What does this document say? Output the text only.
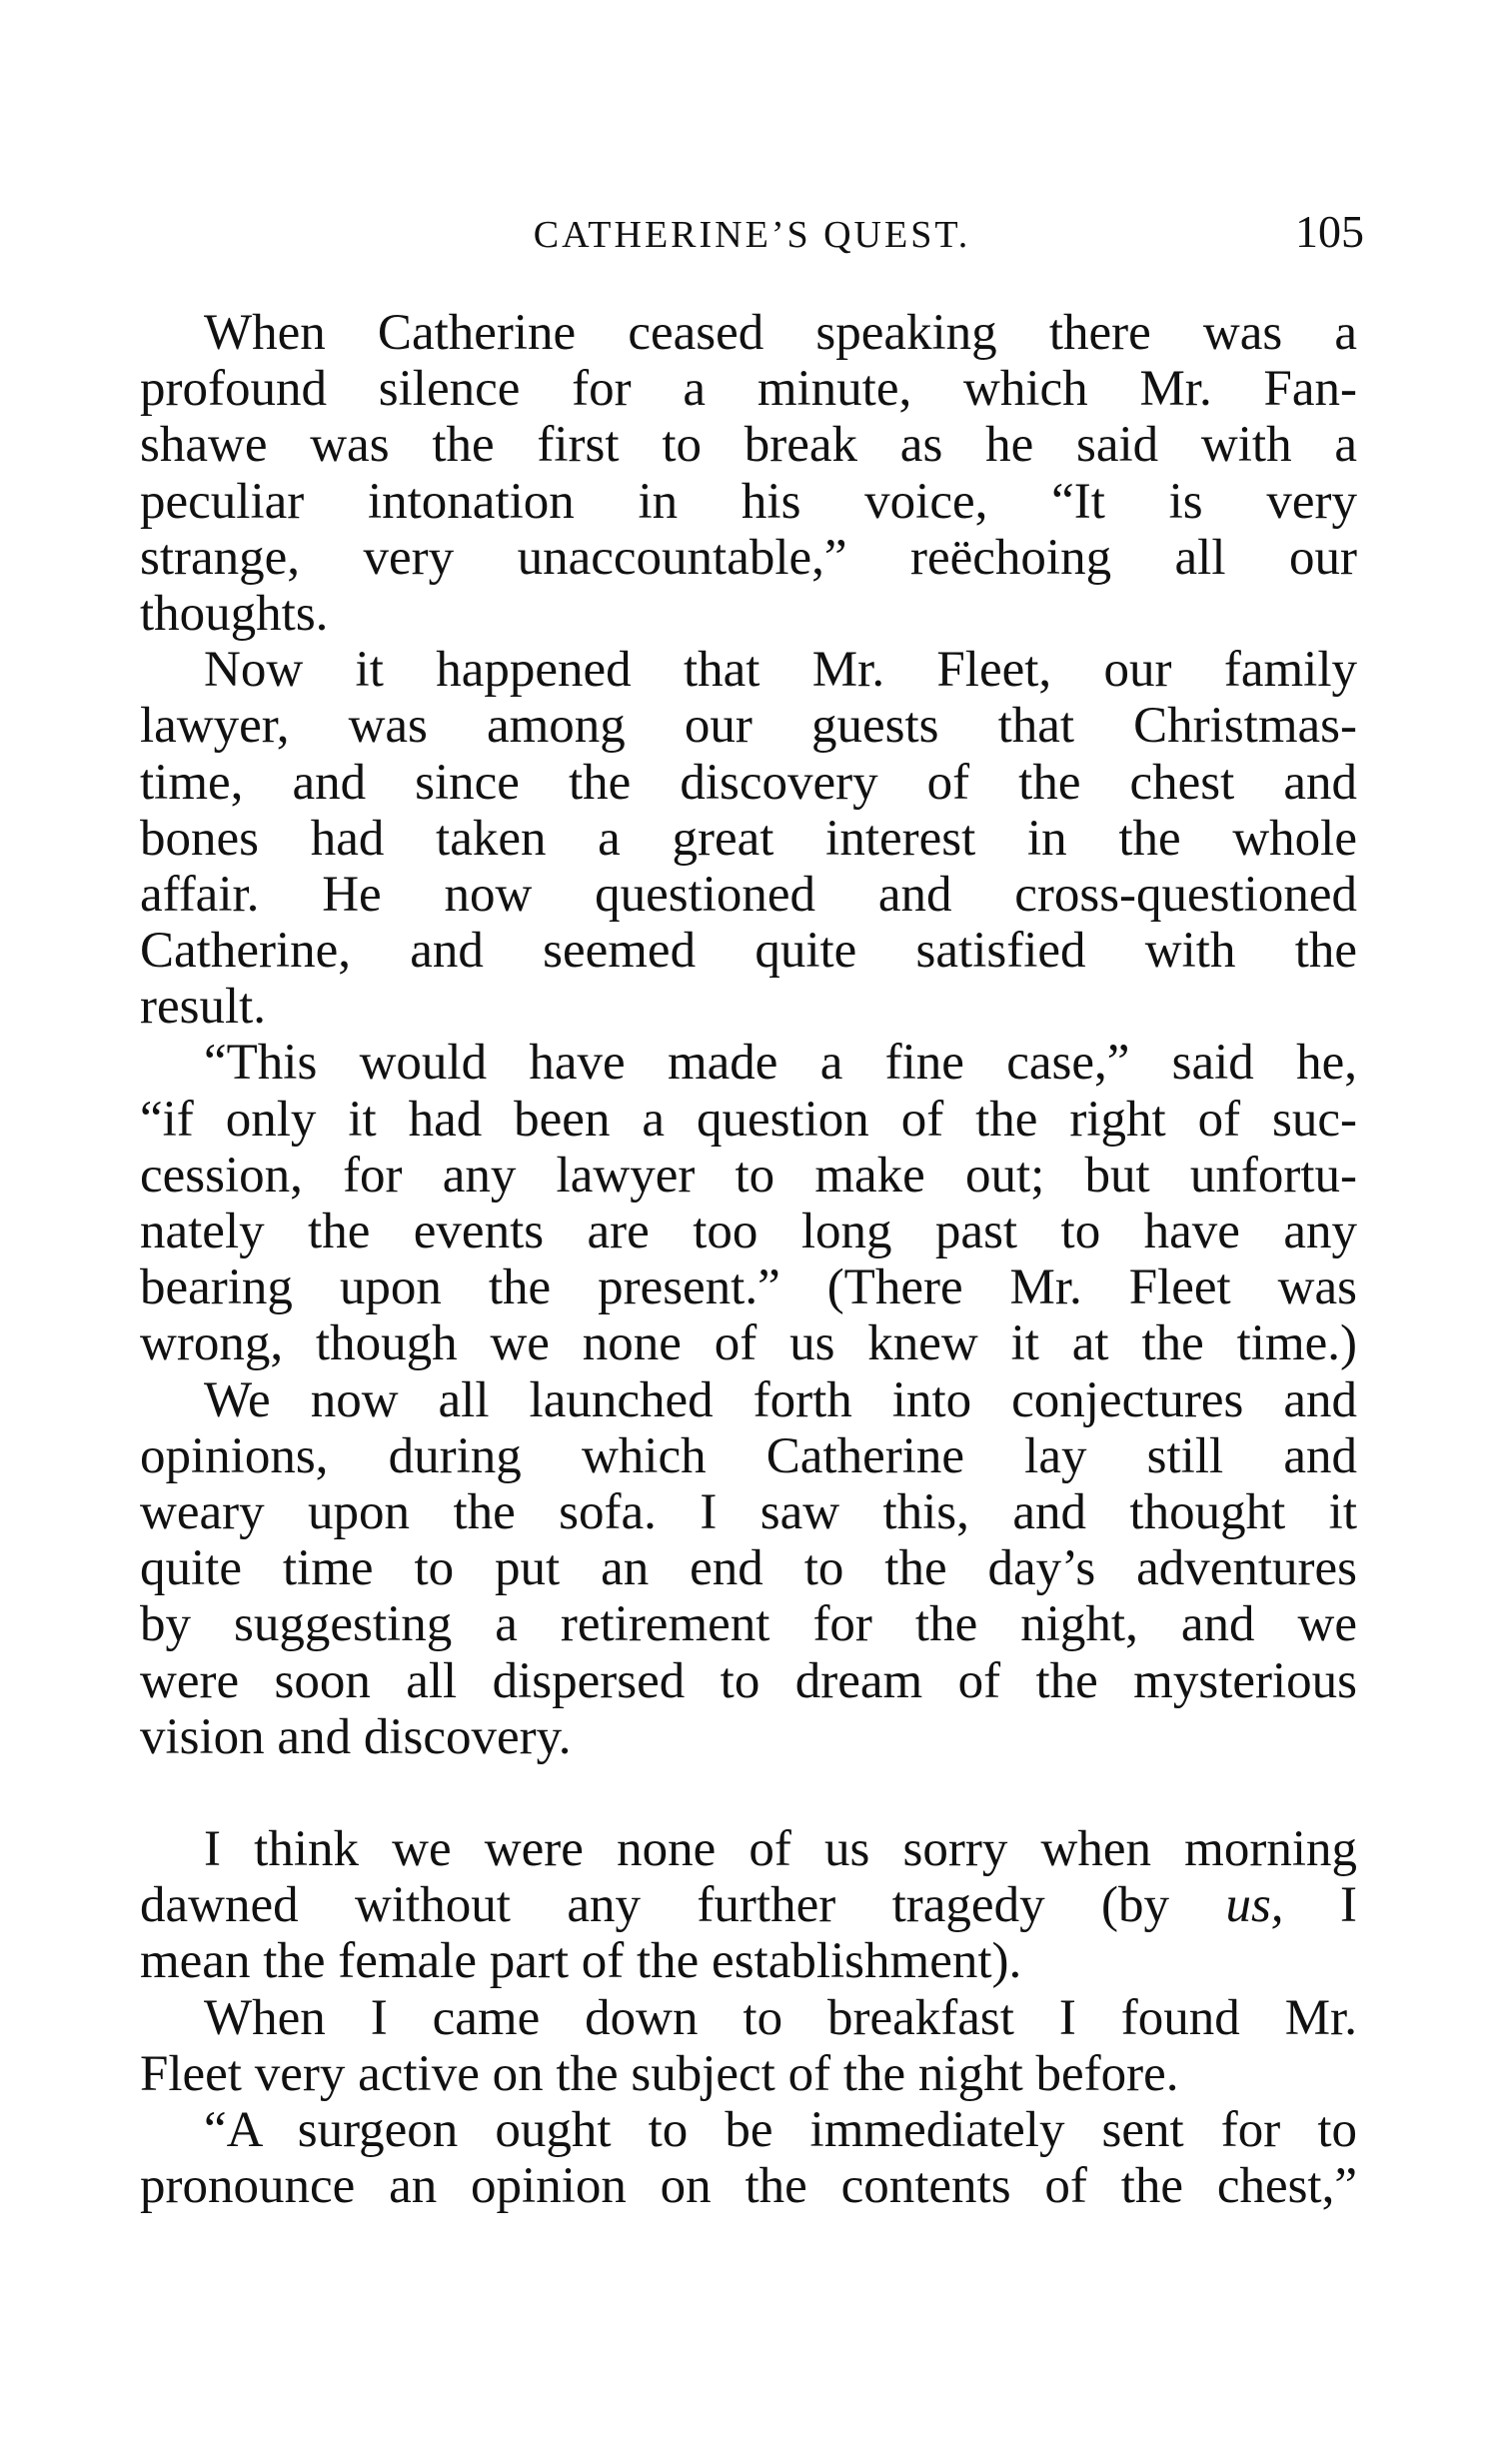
CATHERINE’S QUEST.	105
When Catherine ceased speaking there was a
profound silence for a minute, which Mr. Fan-
shawe was the first to break as he said with a
peculiar intonation in his voice, “It is very
strange, very unaccountable,” reëchoing all our
thoughts.
Now it happened that Mr. Fleet, our family
lawyer, was among our guests that Christmas-
time, and since the discovery of the chest and
bones had taken a great interest in the whole
affair. He now questioned and cross-questioned
Catherine, and seemed quite satisfied with the
result.
“This would have made a fine case,” said he,
“if only it had been a question of the right of suc-
cession, for any lawyer to make out; but unfortu-
nately the events are too long past to have any
bearing upon the present.” (There Mr. Fleet was
wrong, though we none of us knew it at the time.)
We now all launched forth into conjectures and
opinions, during which Catherine lay still and
weary upon the sofa. I saw this, and thought it
quite time to put an end to the day’s adventures
by suggesting a retirement for the night, and we
were soon all dispersed to dream of the mysterious
vision and discovery.
I think we were none of us sorry when morning
dawned without any further tragedy (by us, I
mean the female part of the establishment).
When I came down to breakfast I found Mr.
Fleet very active on the subject of the night before.
“A surgeon ought to be immediately sent for to
pronounce an opinion on the contents of the chest,”
